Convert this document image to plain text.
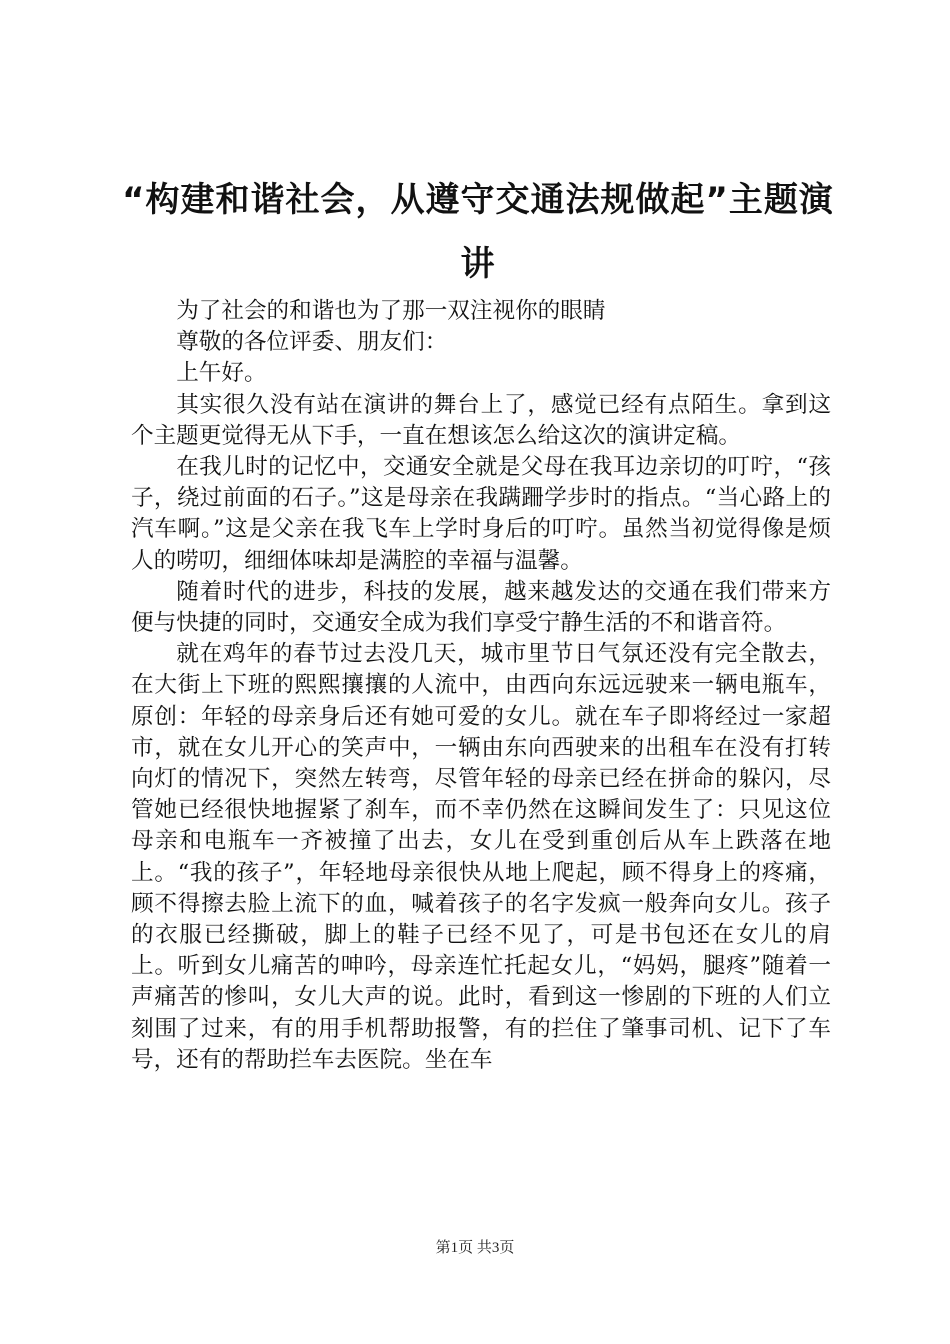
“构建和谐社会，从遵守交通法规做起”主题演讲

为了社会的和谐也为了那一双注视你的眼睛

尊敬的各位评委、朋友们：

上午好。

其实很久没有站在演讲的舞台上了，感觉已经有点陌生。拿到这个主题更觉得无从下手，一直在想该怎么给这次的演讲定稿。

在我儿时的记忆中，交通安全就是父母在我耳边亲切的叮咛，“孩子，绕过前面的石子。”这是母亲在我蹒跚学步时的指点。“当心路上的汽车啊。”这是父亲在我飞车上学时身后的叮咛。虽然当初觉得像是烦人的唠叨，细细体味却是满腔的幸福与温馨。

随着时代的进步，科技的发展，越来越发达的交通在我们带来方便与快捷的同时，交通安全成为我们享受宁静生活的不和谐音符。

就在鸡年的春节过去没几天，城市里节日气氛还没有完全散去，在大街上下班的熙熙攘攘的人流中，由西向东远远驶来一辆电瓶车，原创：年轻的母亲身后还有她可爱的女儿。就在车子即将经过一家超市，就在女儿开心的笑声中，一辆由东向西驶来的出租车在没有打转向灯的情况下，突然左转弯，尽管年轻的母亲已经在拼命的躲闪，尽管她已经很快地握紧了刹车，而不幸仍然在这瞬间发生了：只见这位母亲和电瓶车一齐被撞了出去，女儿在受到重创后从车上跌落在地上。“我的孩子”，年轻地母亲很快从地上爬起，顾不得身上的疼痛，顾不得擦去脸上流下的血，喊着孩子的名字发疯一般奔向女儿。孩子的衣服已经撕破，脚上的鞋子已经不见了，可是书包还在女儿的肩上。听到女儿痛苦的呻吟，母亲连忙托起女儿，“妈妈，腿疼”随着一声痛苦的惨叫，女儿大声的说。此时，看到这一惨剧的下班的人们立刻围了过来，有的用手机帮助报警，有的拦住了肇事司机、记下了车号，还有的帮助拦车去医院。坐在车

第1页 共3页
